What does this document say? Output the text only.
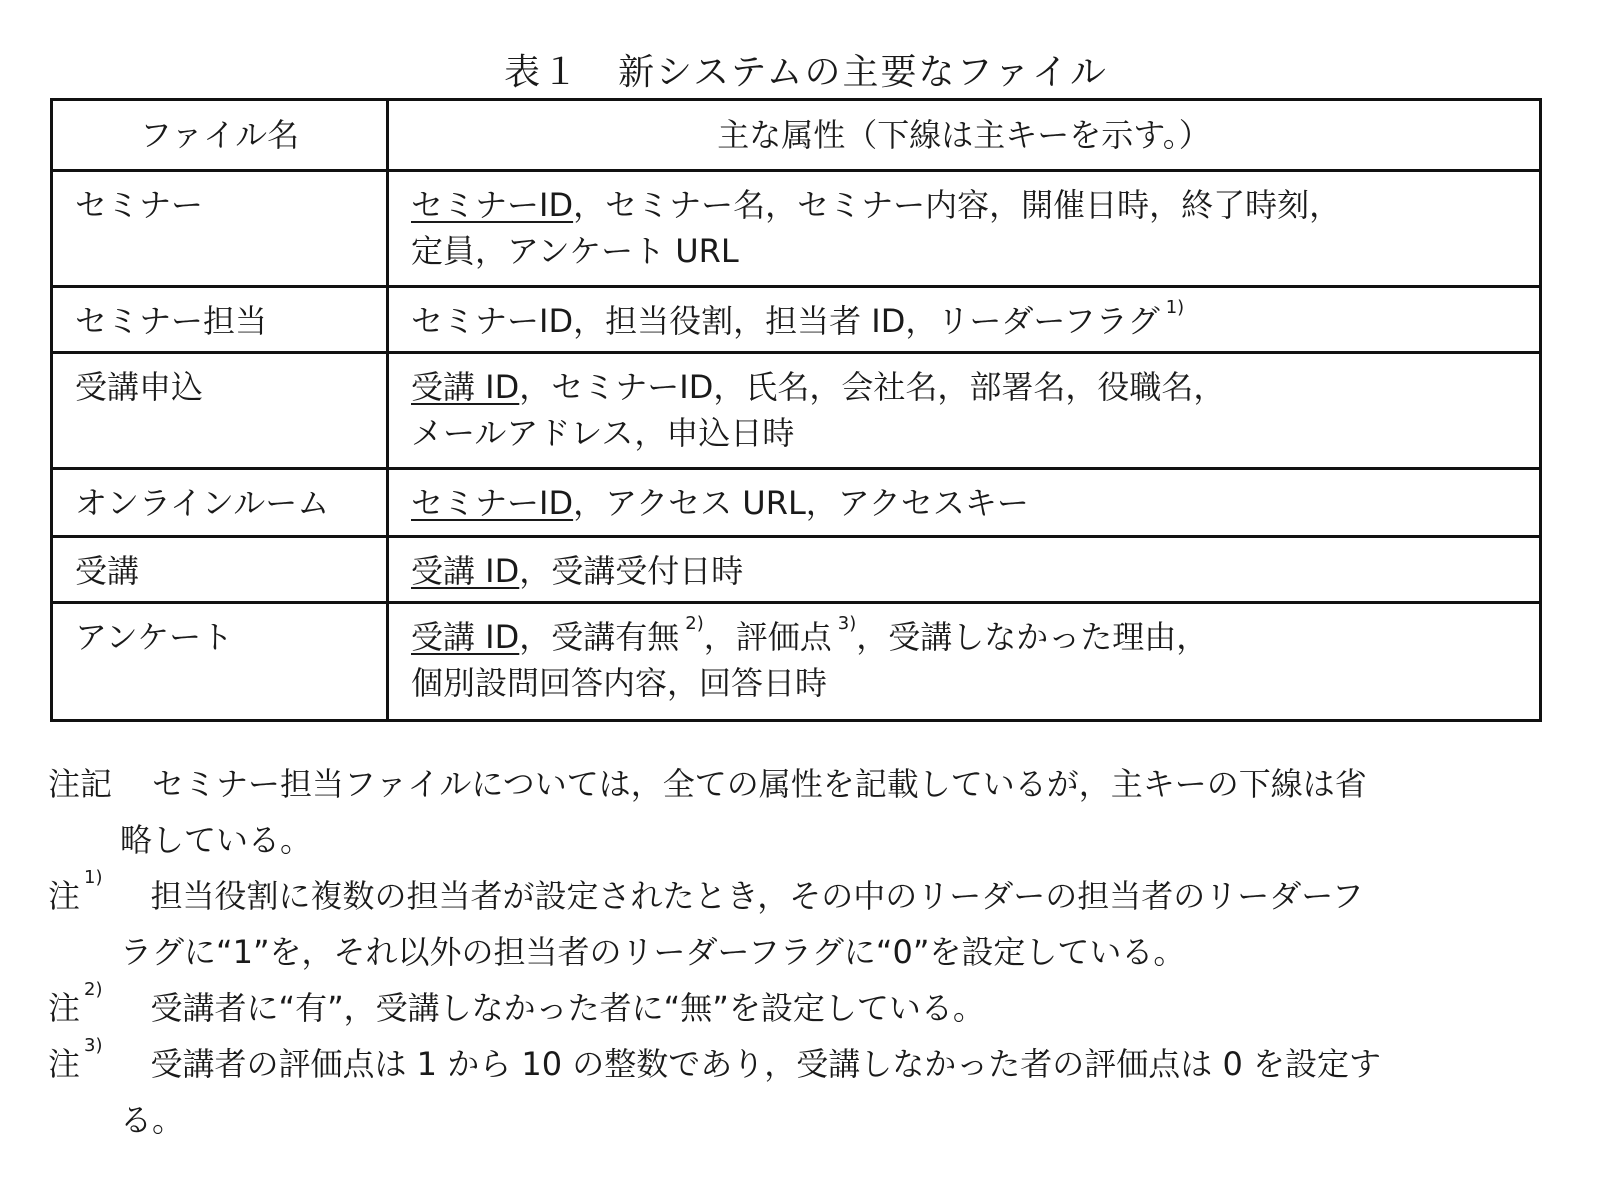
表１　新システムの主要なファイル
ファイル名	主な属性（下線は主キーを示す。）
セミナー	セミナーID，セミナー名，セミナー内容，開催日時，終了時刻，
定員，アンケート URL

セミナー担当	セミナーID，担当役割，担当者 ID，リーダーフラグ $^{1)}$

受講申込	受講 ID，セミナーID，氏名，会社名，部署名，役職名，
メールアドレス，申込日時

オンラインルーム	セミナーID，アクセス URL，アクセスキー

受講	受講 ID，受講受付日時

アンケート	受講 ID，受講有無 $^{2)}$，評価点 $^{3)}$，受講しなかった理由，
個別設問回答内容，回答日時
注記 セミナー担当ファイルについては，全ての属性を記載しているが，主キーの下線は省
略している。
注 $^{1)}$ 担当役割に複数の担当者が設定されたとき，その中のリーダーの担当者のリーダーフ
ラグに“1”を，それ以外の担当者のリーダーフラグに“0”を設定している。
注 $^{2)}$ 受講者に“有”，受講しなかった者に“無”を設定している。
注 $^{3)}$ 受講者の評価点は 1 から 10 の整数であり，受講しなかった者の評価点は 0 を設定す
る。
